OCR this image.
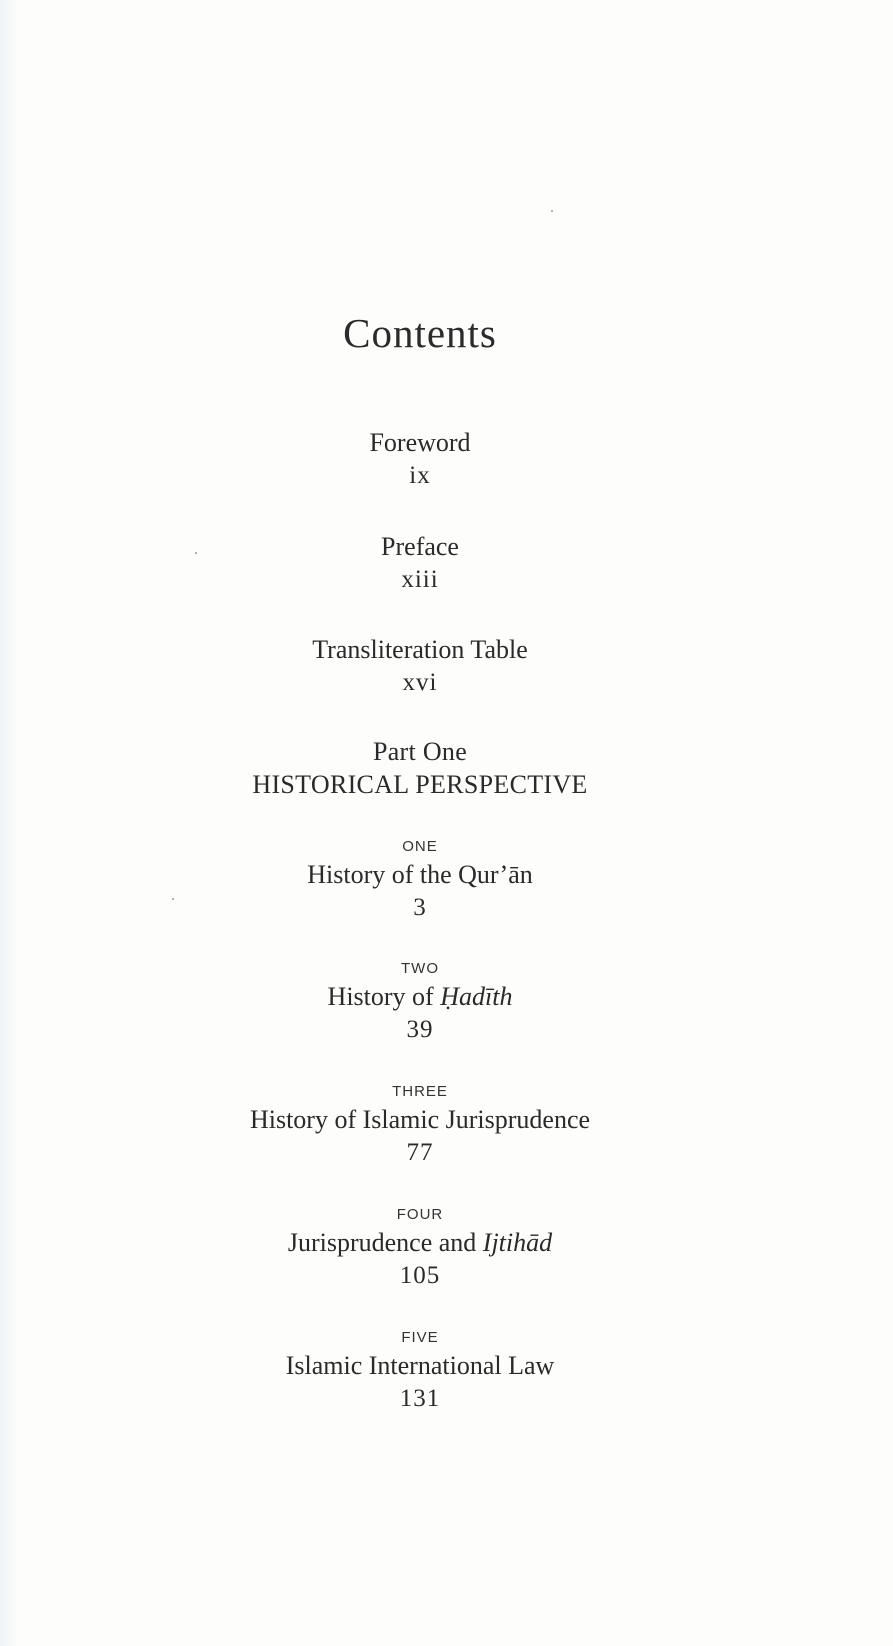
Contents
Foreword
ix
Preface
xiii
Transliteration Table
xvi
Part One
HISTORICAL PERSPECTIVE
ONE
History of the Qur’ān
3
TWO
History of Ḥadīth
39
THREE
History of Islamic Jurisprudence
77
FOUR
Jurisprudence and Ijtihād
105
FIVE
Islamic International Law
131
